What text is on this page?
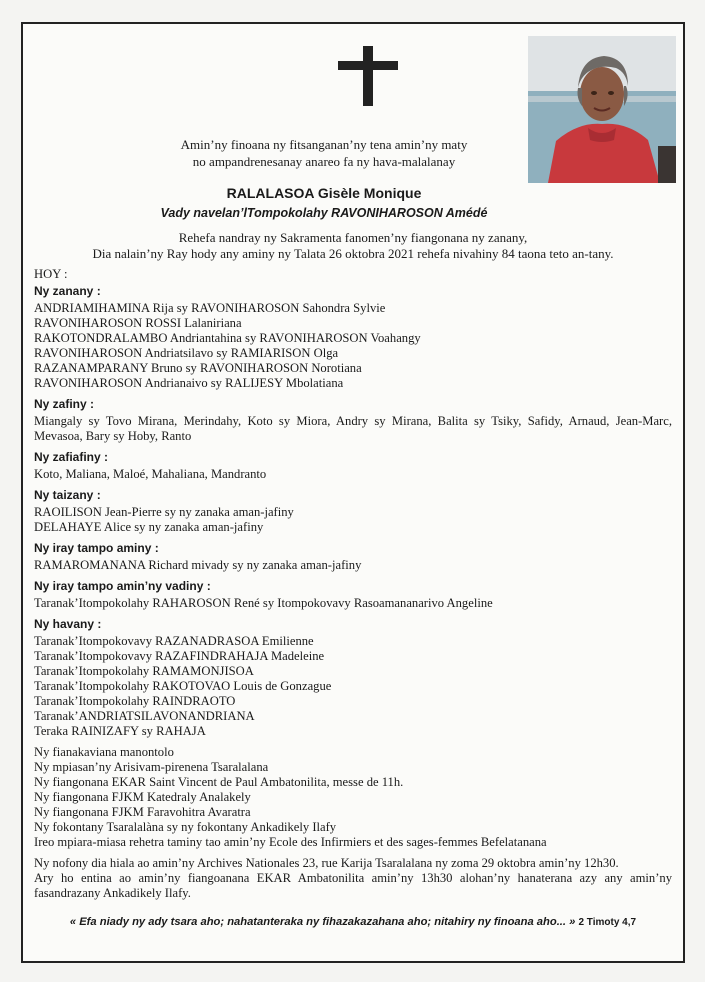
Amin’ny finoana ny fitsanganan’ny tena amin’ny maty
no ampandrenesanay anareo fa ny hava-malalanay
RALALASOA Gisèle Monique
Vady navelan’lTompokolahy RAVONIHAROSON Amédé
Rehefa nandray ny Sakramenta fanomen’ny fiangonana ny zanany,
Dia nalain’ny Ray hody any aminy ny Talata 26 oktobra 2021 rehefa nivahiny 84 taona teto an-tany.
HOY :
Ny zanany :
ANDRIAMIHAMINA Rija sy RAVONIHAROSON Sahondra Sylvie
RAVONIHAROSON ROSSI Lalaniriana
RAKOTONDRALAMBO Andriantahina sy RAVONIHAROSON Voahangy
RAVONIHAROSON Andriatsilavo sy RAMIARISON Olga
RAZANAMPARANY Bruno sy RAVONIHAROSON Norotiana
RAVONIHAROSON Andrianaivo sy RALIJESY Mbolatiana
Ny zafiny :
Miangaly sy Tovo Mirana, Merindahy, Koto sy Miora, Andry sy Mirana, Balita sy Tsiky, Safidy, Arnaud, Jean-Marc, Mevasoa, Bary sy Hoby, Ranto
Ny zafiafiny :
Koto, Maliana, Maloé, Mahaliana, Mandranto
Ny taizany :
RAOILISON Jean-Pierre sy ny zanaka aman-jafiny
DELAHAYE Alice sy ny zanaka aman-jafiny
Ny iray tampo aminy :
RAMAROMANANA Richard mivady sy ny zanaka aman-jafiny
Ny iray tampo amin’ny vadiny :
Taranak’Itompokolahy RAHAROSON René sy Itompokovavy Rasoamananarivo Angeline
Ny havany :
Taranak’Itompokovavy RAZANADRASOA Emilienne
Taranak’Itompokovavy RAZAFINDRAHAJA Madeleine
Taranak’Itompokolahy RAMAMONJISOA
Taranak’Itompokolahy RAKOTOVAO Louis de Gonzague
Taranak’Itompokolahy RAINDRAOTO
Taranak’ANDRIATSILAVONANDRIANA
Teraka RAINIZAFY sy RAHAJA
Ny fianakaviana manontolo
Ny mpiasan’ny Arisivam-pirenena Tsaralalana
Ny fiangonana EKAR Saint Vincent de Paul Ambatonilita, messe de 11h.
Ny fiangonana FJKM Katedraly Analakely
Ny fiangonana FJKM Faravohitra Avaratra
Ny fokontany Tsaralalàna sy ny fokontany Ankadikely Ilafy
Ireo mpiara-miasa rehetra taminy tao amin’ny Ecole des Infirmiers et des sages-femmes Befelatanana
Ny nofony dia hiala ao amin’ny Archives Nationales 23, rue Karija Tsaralalana ny zoma 29 oktobra amin’ny 12h30.
Ary ho entina ao amin’ny fiangoanana EKAR Ambatonilita amin’ny 13h30 alohan’ny hanaterana azy any amin’ny fasandrazany Ankadikely Ilafy.
« Efa niady ny ady tsara aho; nahatanteraka ny fihazakazahana aho; nitahiry ny finoana aho... » 2 Timoty 4,7
